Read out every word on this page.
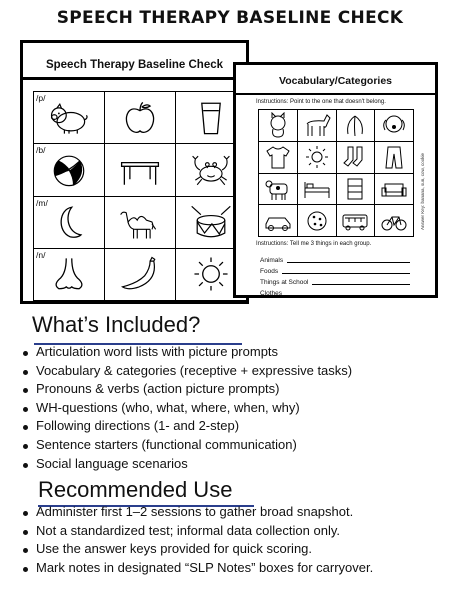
SPEECH THERAPY BASELINE CHECK
Speech Therapy Baseline Check
/p/
/b/
/m/
/n/
Vocabulary/Categories
Instructions: Point to the one that doesn't belong.
Answer Key: banana, sun, cow, cookie
Instructions: Tell me 3 things in each group.
Animals
Foods
Things at School
Clothes
What’s Included?
Articulation word lists with picture prompts
Vocabulary & categories (receptive + expressive tasks)
Pronouns & verbs (action picture prompts)
WH-questions (who, what, where, when, why)
Following directions (1- and 2-step)
Sentence starters (functional communication)
Social language scenarios
Recommended Use
Administer first 1–2 sessions to gather broad snapshot.
Not a standardized test; informal data collection only.
Use the answer keys provided for quick scoring.
Mark notes in designated “SLP Notes” boxes for carryover.
